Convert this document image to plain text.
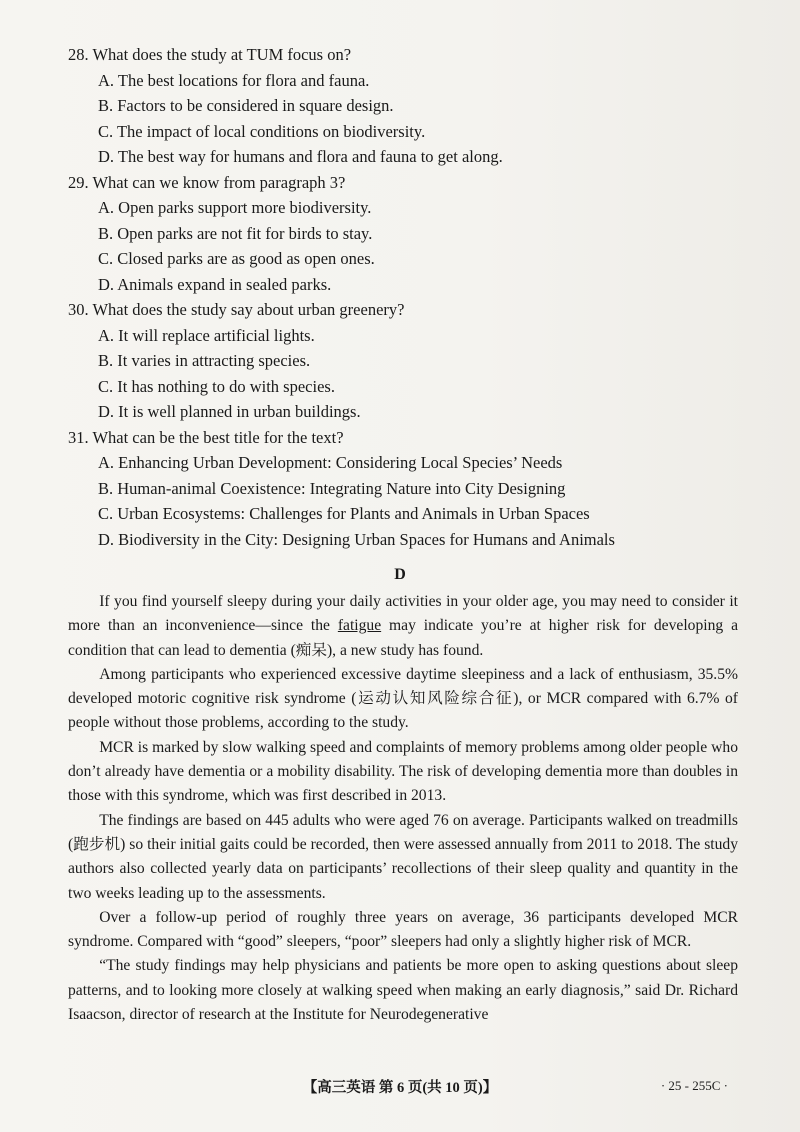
28. What does the study at TUM focus on?

A. The best locations for flora and fauna.

B. Factors to be considered in square design.

C. The impact of local conditions on biodiversity.

D. The best way for humans and flora and fauna to get along.

29. What can we know from paragraph 3?

A. Open parks support more biodiversity.

B. Open parks are not fit for birds to stay.

C. Closed parks are as good as open ones.

D. Animals expand in sealed parks.

30. What does the study say about urban greenery?

A. It will replace artificial lights.

B. It varies in attracting species.

C. It has nothing to do with species.

D. It is well planned in urban buildings.

31. What can be the best title for the text?

A. Enhancing Urban Development: Considering Local Species’ Needs

B. Human-animal Coexistence: Integrating Nature into City Designing

C. Urban Ecosystems: Challenges for Plants and Animals in Urban Spaces

D. Biodiversity in the City: Designing Urban Spaces for Humans and Animals

D

If you find yourself sleepy during your daily activities in your older age, you may need to consider it more than an inconvenience—since the fatigue may indicate you’re at higher risk for developing a condition that can lead to dementia (痴呆), a new study has found.

Among participants who experienced excessive daytime sleepiness and a lack of enthusiasm, 35.5% developed motoric cognitive risk syndrome (运动认知风险综合征), or MCR compared with 6.7% of people without those problems, according to the study.

MCR is marked by slow walking speed and complaints of memory problems among older people who don’t already have dementia or a mobility disability. The risk of developing dementia more than doubles in those with this syndrome, which was first described in 2013.

The findings are based on 445 adults who were aged 76 on average. Participants walked on treadmills (跑步机) so their initial gaits could be recorded, then were assessed annually from 2011 to 2018. The study authors also collected yearly data on participants’ recollections of their sleep quality and quantity in the two weeks leading up to the assessments.

Over a follow-up period of roughly three years on average, 36 participants developed MCR syndrome. Compared with “good” sleepers, “poor” sleepers had only a slightly higher risk of MCR.

“The study findings may help physicians and patients be more open to asking questions about sleep patterns, and to looking more closely at walking speed when making an early diagnosis,” said Dr. Richard Isaacson, director of research at the Institute for Neurodegenerative

【高三英语 第 6 页(共 10 页)】	· 25 - 255C ·
